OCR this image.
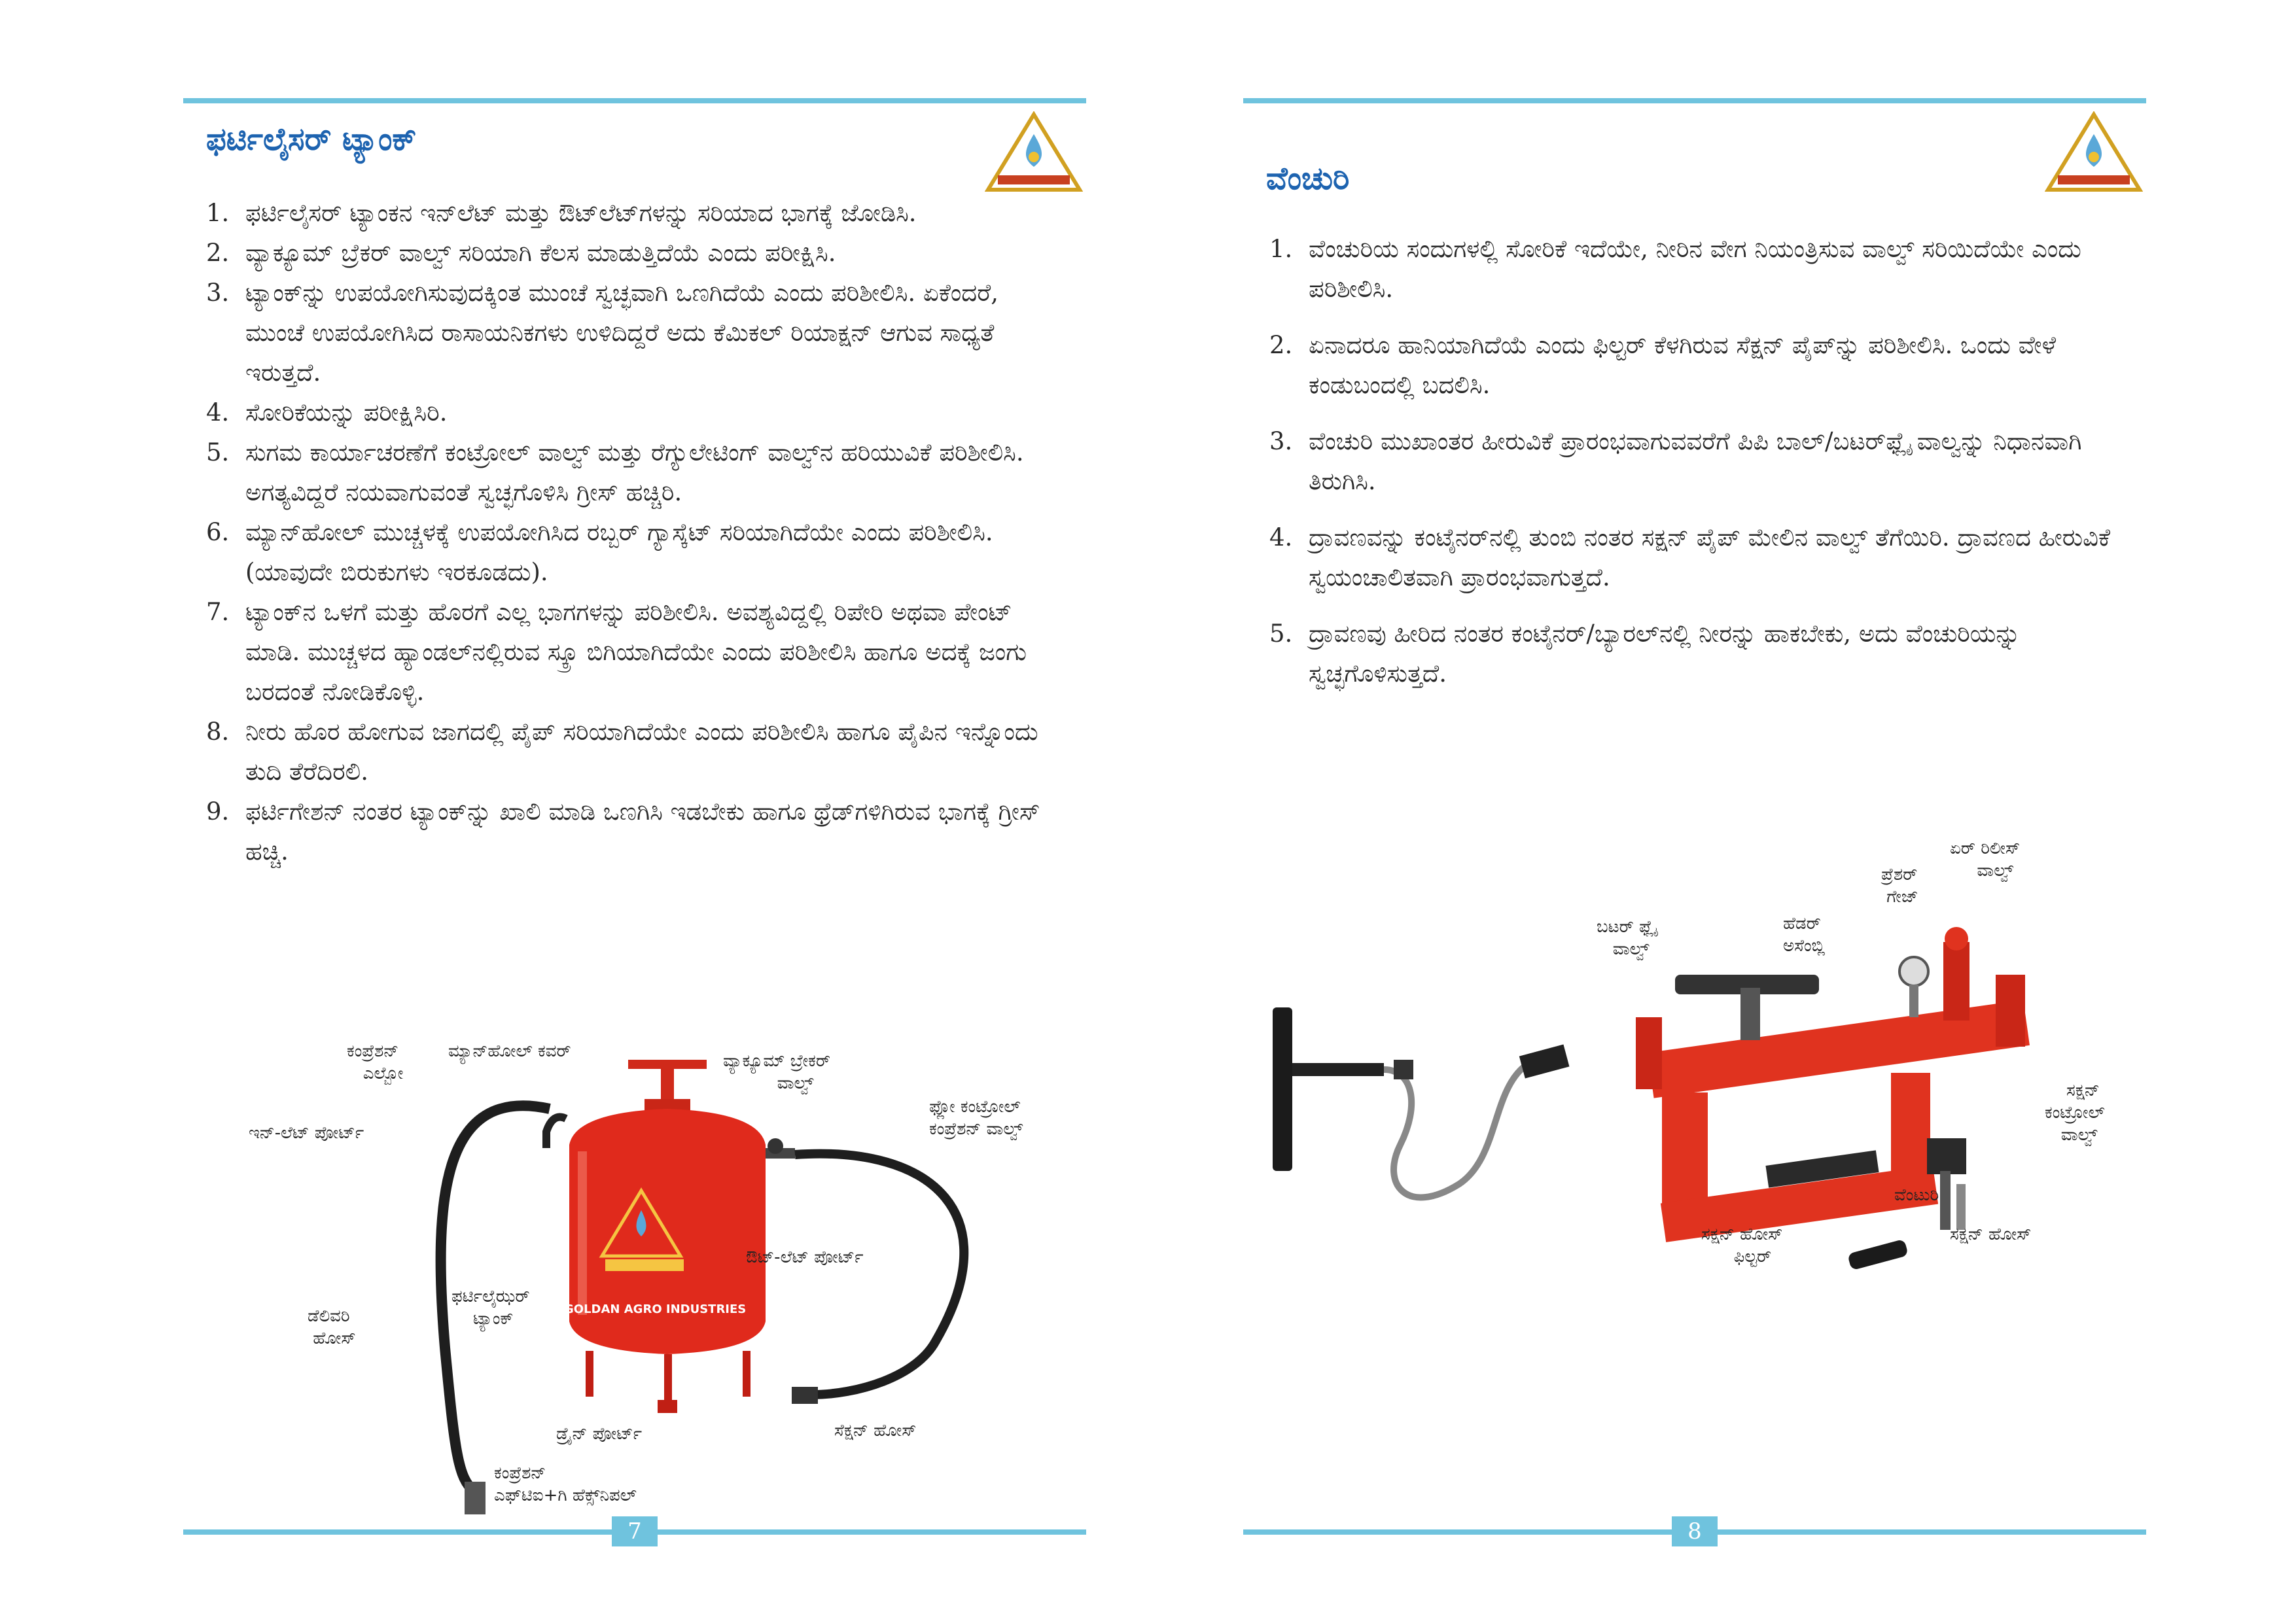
ಫರ್ಟಿಲೈಸರ್ ಟ್ಯಾಂಕ್
1. ಫರ್ಟಿಲೈಸರ್ ಟ್ಯಾಂಕನ ಇನ್‌ಲೆಟ್ ಮತ್ತು ಔಟ್‌ಲೆಟ್‌ಗಳನ್ನು ಸರಿಯಾದ ಭಾಗಕ್ಕೆ ಜೋಡಿಸಿ.
2. ವ್ಯಾಕ್ಯೂಮ್ ಬ್ರೆಕರ್ ವಾಲ್ವ್ ಸರಿಯಾಗಿ ಕೆಲಸ ಮಾಡುತ್ತಿದೆಯೆ ಎಂದು ಪರೀಕ್ಷಿಸಿ.
3. ಟ್ಯಾಂಕ್‌ನ್ನು ಉಪಯೋಗಿಸುವುದಕ್ಕಿಂತ ಮುಂಚೆ ಸ್ವಚ್ಛವಾಗಿ ಒಣಗಿದೆಯೆ ಎಂದು ಪರಿಶೀಲಿಸಿ. ಏಕೆಂದರೆ, ಮುಂಚೆ ಉಪಯೋಗಿಸಿದ ರಾಸಾಯನಿಕಗಳು ಉಳಿದಿದ್ದರೆ ಅದು ಕೆಮಿಕಲ್ ರಿಯಾಕ್ಷನ್ ಆಗುವ ಸಾಧ್ಯತೆ ಇರುತ್ತದೆ.
4. ಸೋರಿಕೆಯನ್ನು ಪರೀಕ್ಷಿಸಿರಿ.
5. ಸುಗಮ ಕಾರ್ಯಾಚರಣೆಗೆ ಕಂಟ್ರೋಲ್ ವಾಲ್ವ್ ಮತ್ತು ರೆಗ್ಯುಲೇಟಿಂಗ್ ವಾಲ್ವ್‌ನ ಹರಿಯುವಿಕೆ ಪರಿಶೀಲಿಸಿ. ಅಗತ್ಯವಿದ್ದರೆ ನಯವಾಗುವಂತೆ ಸ್ವಚ್ಛಗೊಳಿಸಿ ಗ್ರೀಸ್ ಹಚ್ಚಿರಿ.
6. ಮ್ಯಾನ್‌ಹೋಲ್ ಮುಚ್ಚಳಕ್ಕೆ ಉಪಯೋಗಿಸಿದ ರಬ್ಬರ್ ಗ್ಯಾಸ್ಕೆಟ್ ಸರಿಯಾಗಿದೆಯೇ ಎಂದು ಪರಿಶೀಲಿಸಿ. (ಯಾವುದೇ ಬಿರುಕುಗಳು ಇರಕೂಡದು).
7. ಟ್ಯಾಂಕ್‌ನ ಒಳಗೆ ಮತ್ತು ಹೊರಗೆ ಎಲ್ಲ ಭಾಗಗಳನ್ನು ಪರಿಶೀಲಿಸಿ. ಅವಶ್ಯವಿದ್ದಲ್ಲಿ ರಿಪೇರಿ ಅಥವಾ ಪೇಂಟ್ ಮಾಡಿ. ಮುಚ್ಚಳದ ಹ್ಯಾಂಡಲ್‌ನಲ್ಲಿರುವ ಸ್ಕ್ರೂ ಬಿಗಿಯಾಗಿದೆಯೇ ಎಂದು ಪರಿಶೀಲಿಸಿ ಹಾಗೂ ಅದಕ್ಕೆ ಜಂಗು ಬರದಂತೆ ನೋಡಿಕೊಳ್ಳಿ.
8. ನೀರು ಹೊರ ಹೋಗುವ ಜಾಗದಲ್ಲಿ ಪೈಪ್ ಸರಿಯಾಗಿದೆಯೇ ಎಂದು ಪರಿಶೀಲಿಸಿ ಹಾಗೂ ಪೈಪಿನ ಇನ್ನೊಂದು ತುದಿ ತೆರೆದಿರಲಿ.
9. ಫರ್ಟಿಗೇಶನ್ ನಂತರ ಟ್ಯಾಂಕ್‌ನ್ನು ಖಾಲಿ ಮಾಡಿ ಒಣಗಿಸಿ ಇಡಬೇಕು ಹಾಗೂ ಥ್ರೆಡ್‌ಗಳಿಗಿರುವ ಭಾಗಕ್ಕೆ ಗ್ರೀಸ್ ಹಚ್ಚಿ.
ಕಂಪ್ರೆಶನ್
ಎಲ್ಬೋ
ಮ್ಯಾನ್‌ಹೋಲ್ ಕವರ್	ವ್ಯಾಕ್ಯೂಮ್ ಬ್ರೇಕರ್
ವಾಲ್ವ್
ಫ್ಲೋ ಕಂಟ್ರೋಲ್
ಕಂಪ್ರೆಶನ್ ವಾಲ್ವ್
ಇನ್-ಲೆಟ್ ಪೋರ್ಟ್
ಔಟ್-ಲೆಟ್ ಪೋರ್ಟ್
ಫರ್ಟಿಲೈಝರ್
ಟ್ಯಾಂಕ್
ಡೆಲಿವರಿ
ಹೋಸ್
GOLDAN AGRO INDUSTRIES
ಡ್ರೈನ್ ಪೋರ್ಟ್	ಸೆಕ್ಷನ್ ಹೋಸ್
ಕಂಪ್ರೆಶನ್
ಎಫ್‌ಟಿಐ+ಗಿ ಹೆಕ್ಸ್‌ನಿಪಲ್
7
ವೆಂಚುರಿ
1. ವೆಂಚುರಿಯ ಸಂದುಗಳಲ್ಲಿ ಸೋರಿಕೆ ಇದೆಯೇ, ನೀರಿನ ವೇಗ ನಿಯಂತ್ರಿಸುವ ವಾಲ್ವ್ ಸರಿಯಿದೆಯೇ ಎಂದು ಪರಿಶೀಲಿಸಿ.
2. ಏನಾದರೂ ಹಾನಿಯಾಗಿದೆಯೆ ಎಂದು ಫಿಲ್ಟರ್ ಕೆಳಗಿರುವ ಸೆಕ್ಷನ್ ಪೈಪ್‌ನ್ನು ಪರಿಶೀಲಿಸಿ. ಒಂದು ವೇಳೆ ಕಂಡುಬಂದಲ್ಲಿ ಬದಲಿಸಿ.
3. ವೆಂಚುರಿ ಮುಖಾಂತರ ಹೀರುವಿಕೆ ಪ್ರಾರಂಭವಾಗುವವರೆಗೆ ಪಿಪಿ ಬಾಲ್/ಬಟರ್‌ಫ್ಲೈ ವಾಲ್ವನ್ನು ನಿಧಾನವಾಗಿ ತಿರುಗಿಸಿ.
4. ದ್ರಾವಣವನ್ನು ಕಂಟೈನರ್‌ನಲ್ಲಿ ತುಂಬಿ ನಂತರ ಸಕ್ಷನ್ ಪೈಪ್ ಮೇಲಿನ ವಾಲ್ವ್ ತೆಗೆಯಿರಿ. ದ್ರಾವಣದ ಹೀರುವಿಕೆ ಸ್ವಯಂಚಾಲಿತವಾಗಿ ಪ್ರಾರಂಭವಾಗುತ್ತದೆ.
5. ದ್ರಾವಣವು ಹೀರಿದ ನಂತರ ಕಂಟೈನರ್/ಬ್ಯಾರಲ್‌ನಲ್ಲಿ ನೀರನ್ನು ಹಾಕಬೇಕು, ಅದು ವೆಂಚುರಿಯನ್ನು ಸ್ವಚ್ಛಗೊಳಿಸುತ್ತದೆ.
ಏರ್ ರಿಲೀಸ್
ವಾಲ್ವ್
ಪ್ರೆಶರ್
ಗೇಜ್
ಹೆಡರ್
ಅಸೆಂಬ್ಲಿ
ಬಟರ್ ಫ್ಲೈ
ವಾಲ್ವ್
ಸಕ್ಷನ್
ಕಂಟ್ರೋಲ್
ವಾಲ್ವ್
ವೆಂಟುರಿ
ಸಕ್ಷನ್ ಹೋಸ್
ಫಿಲ್ಟರ್
ಸಕ್ಷನ್ ಹೋಸ್
8
